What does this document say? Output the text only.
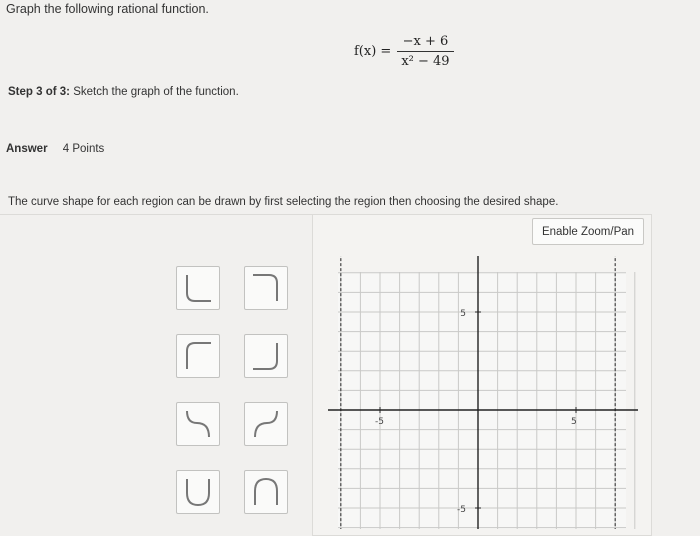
Graph the following rational function.
$f(x) = \frac{-x + 6}{\text{x² − 49}}$
Step 3 of 3: Sketch the graph of the function.
Answer 4 Points
The curve shape for each region can be drawn by first selecting the region then choosing the desired shape.
Enable Zoom/Pan
-5	5
5
-5
